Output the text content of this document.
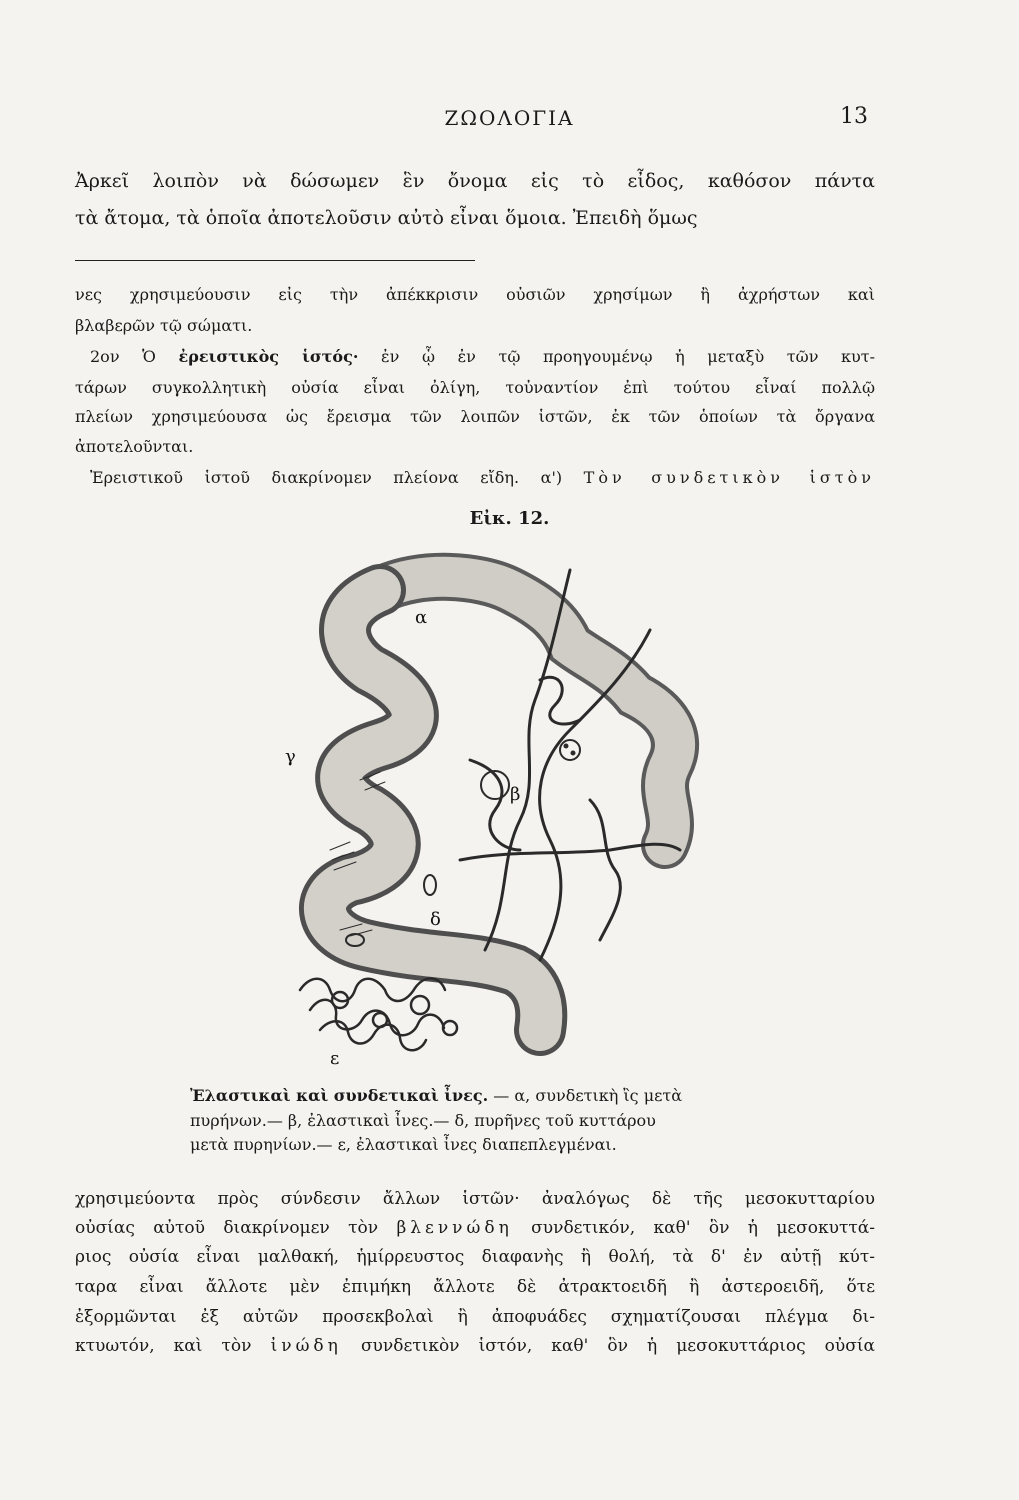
ΖΩΟΛΟΓΙΑ	13

Ἀρκεῖ λοιπὸν νὰ δώσωμεν ἓν ὄνομα εἰς τὸ εἶδος, καθόσον πάντα

τὰ ἄτομα, τὰ ὁποῖα ἀποτελοῦσιν αὐτὸ εἶναι ὅμοια. Ἐπειδὴ ὅμως

νες χρησιμεύουσιν εἰς τὴν ἀπέκκρισιν οὐσιῶν χρησίμων ἢ ἀχρήστων καὶ

βλαβερῶν τῷ σώματι.

2ον Ὁ ἐρειστικὸς ἱστός· ἐν ᾧ ἐν τῷ προηγουμένῳ ἡ μεταξὺ τῶν κυτ-

τάρων συγκολλητικὴ οὐσία εἶναι ὀλίγη, τοὐναντίον ἐπὶ τούτου εἶναί πολλῷ

πλείων χρησιμεύουσα ὡς ἔρεισμα τῶν λοιπῶν ἱστῶν, ἐκ τῶν ὁποίων τὰ ὄργανα

ἀποτελοῦνται.

Ἐρειστικοῦ ἱστοῦ διακρίνομεν πλείονα εἴδη. α') Τὸν συνδετικὸν ἱστὸν

Εἰκ. 12.
α
β
γ
δ
ε

Ἐλαστικαὶ καὶ συνδετικαὶ ἶνες. — α, συνδετικὴ ἲς μετὰ

πυρήνων.— β, ἐλαστικαὶ ἶνες.— δ, πυρῆνες τοῦ κυττάρου

μετὰ πυρηνίων.— ε, ἐλαστικαὶ ἶνες διαπεπλεγμέναι.

χρησιμεύοντα πρὸς σύνδεσιν ἄλλων ἱστῶν· ἀναλόγως δὲ τῆς μεσοκυτταρίου

οὐσίας αὐτοῦ διακρίνομεν τὸν βλεννώδη συνδετικόν, καθ' ὃν ἡ μεσοκυττά-

ριος οὐσία εἶναι μαλθακή, ἡμίρρευστος διαφανὴς ἢ θολή, τὰ δ' ἐν αὐτῇ κύτ-

ταρα εἶναι ἄλλοτε μὲν ἐπιμήκη ἄλλοτε δὲ ἀτρακτοειδῆ ἢ ἀστεροειδῆ, ὅτε

ἐξορμῶνται ἐξ αὐτῶν προσεκβολαὶ ἢ ἀποφυάδες σχηματίζουσαι πλέγμα δι-

κτυωτόν, καὶ τὸν ἰνώδη συνδετικὸν ἱστόν, καθ' ὃν ἡ μεσοκυττάριος οὐσία
